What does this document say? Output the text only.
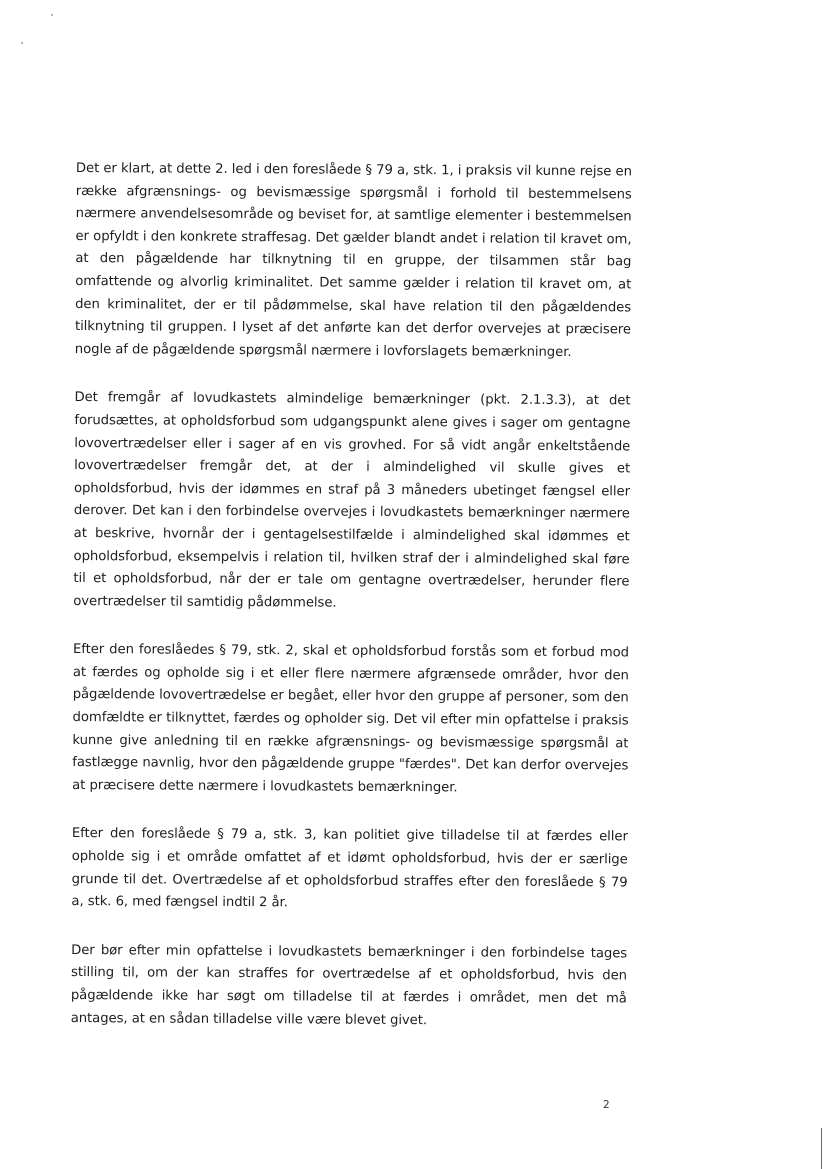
Det er klart, at dette 2. led i den foreslåede § 79 a, stk. 1, i praksis vil kunne rejse en række afgrænsnings- og bevismæssige spørgsmål i forhold til bestemmelsens nærmere anvendelsesområde og beviset for, at samtlige elementer i bestemmelsen er opfyldt i den konkrete straffesag. Det gælder blandt andet i relation til kravet om, at den pågældende har tilknytning til en gruppe, der tilsammen står bag omfattende og alvorlig kriminalitet. Det samme gælder i relation til kravet om, at den kriminalitet, der er til pådømmelse, skal have relation til den pågældendes tilknytning til gruppen. I lyset af det anførte kan det derfor overvejes at præcisere nogle af de pågældende spørgsmål nærmere i lovforslagets bemærkninger.

Det fremgår af lovudkastets almindelige bemærkninger (pkt. 2.1.3.3), at det forudsættes, at opholdsforbud som udgangspunkt alene gives i sager om gentagne lovovertrædelser eller i sager af en vis grovhed. For så vidt angår enkeltstående lovovertrædelser fremgår det, at der i almindelighed vil skulle gives et opholdsforbud, hvis der idømmes en straf på 3 måneders ubetinget fængsel eller derover. Det kan i den forbindelse overvejes i lovudkastets bemærkninger nærmere at beskrive, hvornår der i gentagelsestilfælde i almindelighed skal idømmes et opholdsforbud, eksempelvis i relation til, hvilken straf der i almindelighed skal føre til et opholdsforbud, når der er tale om gentagne overtrædelser, herunder flere overtrædelser til samtidig pådømmelse.

Efter den foreslåedes § 79, stk. 2, skal et opholdsforbud forstås som et forbud mod at færdes og opholde sig i et eller flere nærmere afgrænsede områder, hvor den pågældende lovovertrædelse er begået, eller hvor den gruppe af personer, som den domfældte er tilknyttet, færdes og opholder sig. Det vil efter min opfattelse i praksis kunne give anledning til en række afgrænsnings- og bevismæssige spørgsmål at fastlægge navnlig, hvor den pågældende gruppe "færdes". Det kan derfor overvejes at præcisere dette nærmere i lovudkastets bemærkninger.

Efter den foreslåede § 79 a, stk. 3, kan politiet give tilladelse til at færdes eller opholde sig i et område omfattet af et idømt opholdsforbud, hvis der er særlige grunde til det. Overtrædelse af et opholdsforbud straffes efter den foreslåede § 79 a, stk. 6, med fængsel indtil 2 år.

Der bør efter min opfattelse i lovudkastets bemærkninger i den forbindelse tages stilling til, om der kan straffes for overtrædelse af et opholdsforbud, hvis den pågældende ikke har søgt om tilladelse til at færdes i området, men det må antages, at en sådan tilladelse ville være blevet givet.

2
